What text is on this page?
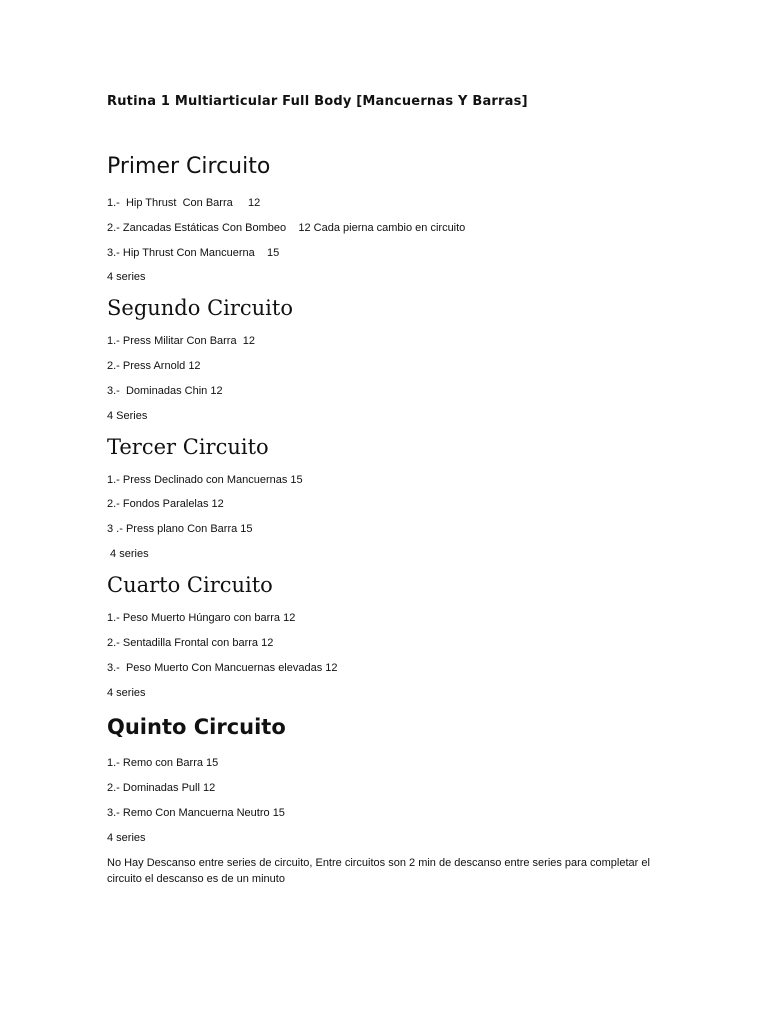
Rutina 1 Multiarticular Full Body [Mancuernas Y Barras]
Primer Circuito
1.-  Hip Thrust  Con Barra     12
2.- Zancadas Estáticas Con Bombeo    12 Cada pierna cambio en circuito
3.- Hip Thrust Con Mancuerna    15
4 series
Segundo Circuito
1.- Press Militar Con Barra  12
2.- Press Arnold 12
3.-  Dominadas Chin 12
4 Series
Tercer Circuito
1.- Press Declinado con Mancuernas 15
2.- Fondos Paralelas 12
3 .- Press plano Con Barra 15
4 series
Cuarto Circuito
1.- Peso Muerto Húngaro con barra 12
2.- Sentadilla Frontal con barra 12
3.-  Peso Muerto Con Mancuernas elevadas 12
4 series
Quinto Circuito
1.- Remo con Barra 15
2.- Dominadas Pull 12
3.- Remo Con Mancuerna Neutro 15
4 series
No Hay Descanso entre series de circuito, Entre circuitos son 2 min de descanso entre series para completar el circuito el descanso es de un minuto
